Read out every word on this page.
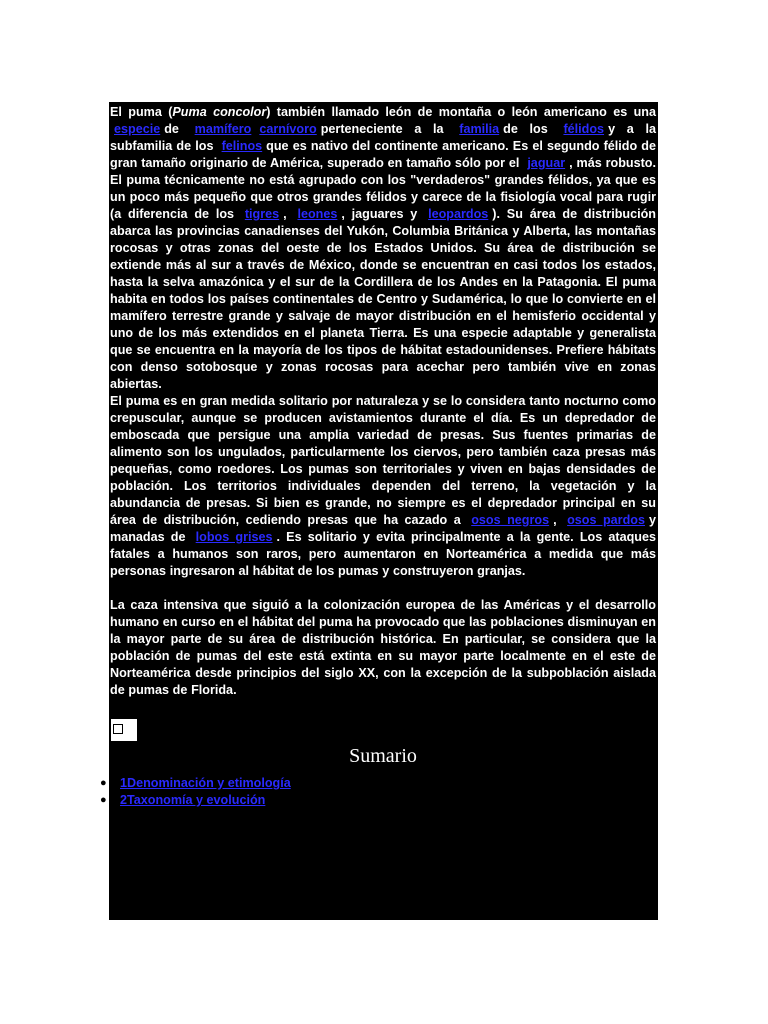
El puma (Puma concolor) también llamado león de montaña o león americano es una especie de mamífero carnívoro perteneciente a la familia de los félidos y a la subfamilia de los felinos que es nativo del continente americano. Es el segundo félido de gran tamaño originario de América, superado en tamaño sólo por el jaguar , más robusto. El puma técnicamente no está agrupado con los "verdaderos" grandes félidos, ya que es un poco más pequeño que otros grandes félidos y carece de la fisiología vocal para rugir (a diferencia de los tigres , leones , jaguares y leopardos ). Su área de distribución abarca las provincias canadienses del Yukón, Columbia Británica y Alberta, las montañas rocosas y otras zonas del oeste de los Estados Unidos. Su área de distribución se extiende más al sur a través de México, donde se encuentran en casi todos los estados, hasta la selva amazónica y el sur de la Cordillera de los Andes en la Patagonia. El puma habita en todos los países continentales de Centro y Sudamérica, lo que lo convierte en el mamífero terrestre grande y salvaje de mayor distribución en el hemisferio occidental y uno de los más extendidos en el planeta Tierra. Es una especie adaptable y generalista que se encuentra en la mayoría de los tipos de hábitat estadounidenses. Prefiere hábitats con denso sotobosque y zonas rocosas para acechar pero también vive en zonas abiertas.

El puma es en gran medida solitario por naturaleza y se lo considera tanto nocturno como crepuscular, aunque se producen avistamientos durante el día. Es un depredador de emboscada que persigue una amplia variedad de presas. Sus fuentes primarias de alimento son los ungulados, particularmente los ciervos, pero también caza presas más pequeñas, como roedores. Los pumas son territoriales y viven en bajas densidades de población. Los territorios individuales dependen del terreno, la vegetación y la abundancia de presas. Si bien es grande, no siempre es el depredador principal en su área de distribución, cediendo presas que ha cazado a osos negros , osos pardos y manadas de lobos grises . Es solitario y evita principalmente a la gente. Los ataques fatales a humanos son raros, pero aumentaron en Norteamérica a medida que más personas ingresaron al hábitat de los pumas y construyeron granjas.

La caza intensiva que siguió a la colonización europea de las Américas y el desarrollo humano en curso en el hábitat del puma ha provocado que las poblaciones disminuyan en la mayor parte de su área de distribución histórica. En particular, se considera que la población de pumas del este está extinta en su mayor parte localmente en el este de Norteamérica desde principios del siglo XX, con la excepción de la subpoblación aislada de pumas de Florida.

Sumario
● 1Denominación y etimología
● 2Taxonomía y evolución
